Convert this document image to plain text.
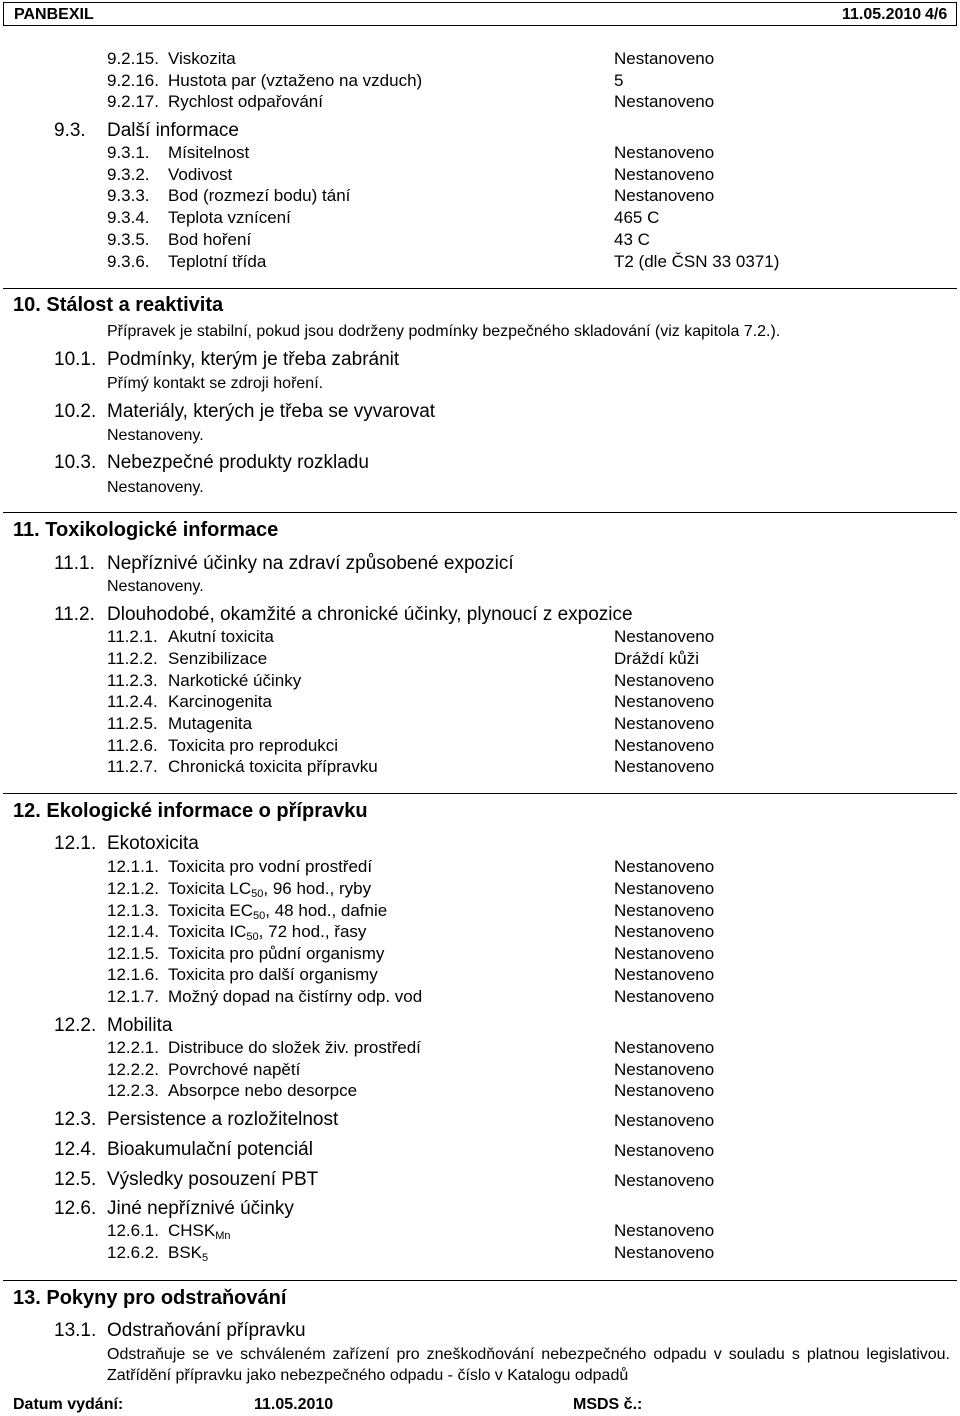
PANBEXIL	11.05.2010 4/6
9.2.15. Viskozita	Nestanoveno
9.2.16. Hustota par (vztaženo na vzduch)	5
9.2.17. Rychlost odpařování	Nestanoveno
9.3. Další informace
9.3.1. Mísitelnost	Nestanoveno
9.3.2. Vodivost	Nestanoveno
9.3.3. Bod (rozmezí bodu) tání	Nestanoveno
9.3.4. Teplota vznícení	465 C
9.3.5. Bod hoření	43 C
9.3.6. Teplotní třída	T2 (dle ČSN 33 0371)
10. Stálost a reaktivita
Přípravek je stabilní, pokud jsou dodrženy podmínky bezpečného skladování (viz kapitola 7.2.).
10.1. Podmínky, kterým je třeba zabránit
Přímý kontakt se zdroji hoření.
10.2. Materiály, kterých je třeba se vyvarovat
Nestanoveny.
10.3. Nebezpečné produkty rozkladu
Nestanoveny.
11. Toxikologické informace
11.1. Nepříznivé účinky na zdraví způsobené expozicí
Nestanoveny.
11.2. Dlouhodobé, okamžité a chronické účinky, plynoucí z expozice
11.2.1. Akutní toxicita	Nestanoveno
11.2.2. Senzibilizace	Dráždí kůži
11.2.3. Narkotické účinky	Nestanoveno
11.2.4. Karcinogenita	Nestanoveno
11.2.5. Mutagenita	Nestanoveno
11.2.6. Toxicita pro reprodukci	Nestanoveno
11.2.7. Chronická toxicita přípravku	Nestanoveno
12. Ekologické informace o přípravku
12.1. Ekotoxicita
12.1.1. Toxicita pro vodní prostředí	Nestanoveno
12.1.2. Toxicita $LC_{50}$, 96 hod., ryby	Nestanoveno
12.1.3. Toxicita $EC_{50}$, 48 hod., dafnie	Nestanoveno
12.1.4. Toxicita $IC_{50}$, 72 hod., řasy	Nestanoveno
12.1.5. Toxicita pro půdní organismy	Nestanoveno
12.1.6. Toxicita pro další organismy	Nestanoveno
12.1.7. Možný dopad na čistírny odp. vod	Nestanoveno
12.2. Mobilita
12.2.1. Distribuce do složek živ. prostředí	Nestanoveno
12.2.2. Povrchové napětí	Nestanoveno
12.2.3. Absorpce nebo desorpce	Nestanoveno
12.3. Persistence a rozložitelnost	Nestanoveno
12.4. Bioakumulační potenciál	Nestanoveno
12.5. Výsledky posouzení PBT	Nestanoveno
12.6. Jiné nepříznivé účinky
12.6.1. $CHSK_{Mn}$	Nestanoveno
12.6.2. $BSK_5$	Nestanoveno
13. Pokyny pro odstraňování
13.1. Odstraňování přípravku
Odstraňuje se ve schváleném zařízení pro zneškodňování nebezpečného odpadu v souladu s platnou legislativou. Zatřídění přípravku jako nebezpečného odpadu - číslo v Katalogu odpadů
Datum vydání:	11.05.2010	MSDS č.:
